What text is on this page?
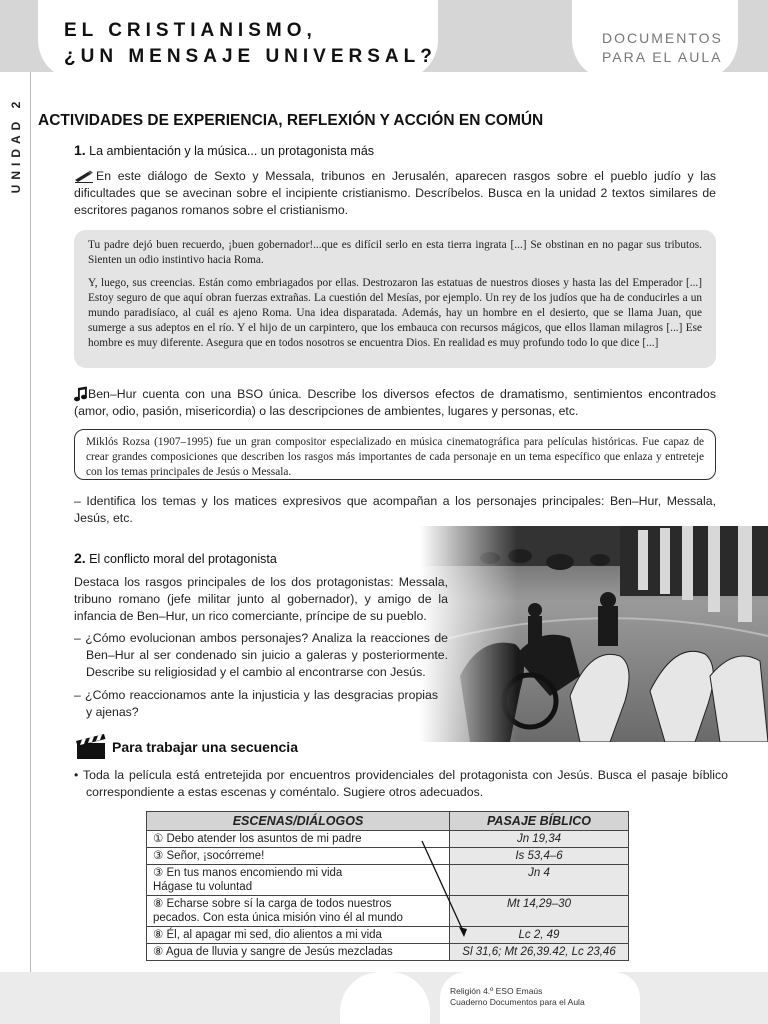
EL CRISTIANISMO,
¿UN MENSAJE UNIVERSAL?
DOCUMENTOS
PARA EL AULA
UNIDAD 2 ACTIVIDADES DE EXPERIENCIA, REFLEXIÓN Y ACCIÓN EN COMÚN
1. La ambientación y la música... un protagonista más
En este diálogo de Sexto y Messala, tribunos en Jerusalén, aparecen rasgos sobre el pueblo judío y las dificultades que se avecinan sobre el incipiente cristianismo. Descríbelos. Busca en la unidad 2 textos similares de escritores paganos romanos sobre el cristianismo.

Tu padre dejó buen recuerdo, ¡buen gobernador!...que es difícil serlo en esta tierra ingrata [...] Se obstinan en no pagar sus tributos. Sienten un odio instintivo hacia Roma.

Y, luego, sus creencias. Están como embriagados por ellas. Destrozaron las estatuas de nuestros dioses y hasta las del Emperador [...] Estoy seguro de que aquí obran fuerzas extrañas. La cuestión del Mesías, por ejemplo. Un rey de los judíos que ha de conducirles a un mundo paradisíaco, al cuál es ajeno Roma. Una idea disparatada. Además, hay un hombre en el desierto, que se llama Juan, que sumerge a sus adeptos en el río. Y el hijo de un carpintero, que los embauca con recursos mágicos, que ellos llaman milagros [...] Ese hombre es muy diferente. Asegura que en todos nosotros se encuentra Dios. En realidad es muy profundo todo lo que dice [...]

Ben–Hur cuenta con una BSO única. Describe los diversos efectos de dramatismo, sentimientos encontrados (amor, odio, pasión, misericordia) o las descripciones de ambientes, lugares y personas, etc.

Miklós Rozsa (1907–1995) fue un gran compositor especializado en música cinematográfica para películas históricas. Fue capaz de crear grandes composiciones que describen los rasgos más importantes de cada personaje en un tema específico que enlaza y entreteje con los temas principales de Jesús o Messala.

– Identifica los temas y los matices expresivos que acompañan a los personajes principales: Ben–Hur, Messala, Jesús, etc.
2. El conflicto moral del protagonista
Destaca los rasgos principales de los dos protagonistas: Messala, tribuno romano (jefe militar junto al gobernador), y amigo de la infancia de Ben–Hur, un rico comerciante, príncipe de su pueblo.
– ¿Cómo evolucionan ambos personajes? Analiza la reacciones de Ben–Hur al ser condenado sin juicio a galeras y posteriormente. Describe su religiosidad y el cambio al encontrarse con Jesús.
– ¿Cómo reaccionamos ante la injusticia y las desgracias propias y ajenas?
Para trabajar una secuencia
• Toda la película está entretejida por encuentros providenciales del protagonista con Jesús. Busca el pasaje bíblico correspondiente a estas escenas y coméntalo. Sugiere otros adecuados.
ESCENAS/DIÁLOGOS	PASAJE BÍBLICO
① Debo atender los asuntos de mi padre	Jn 19,34
③ Señor, ¡socórreme!	Is 53,4–6
③ En tus manos encomiendo mi vida
Hágase tu voluntad	Jn 4
⑧ Echarse sobre sí la carga de todos nuestros
pecados. Con esta única misión vino él al mundo	Mt 14,29–30
⑧ Él, al apagar mi sed, dio alientos a mi vida	Lc 2, 49
⑧ Agua de lluvia y sangre de Jesús mezcladas	Sl 31,6; Mt 26,39.42, Lc 23,46
Religión 4.º ESO Emaús
Cuaderno Documentos para el Aula
